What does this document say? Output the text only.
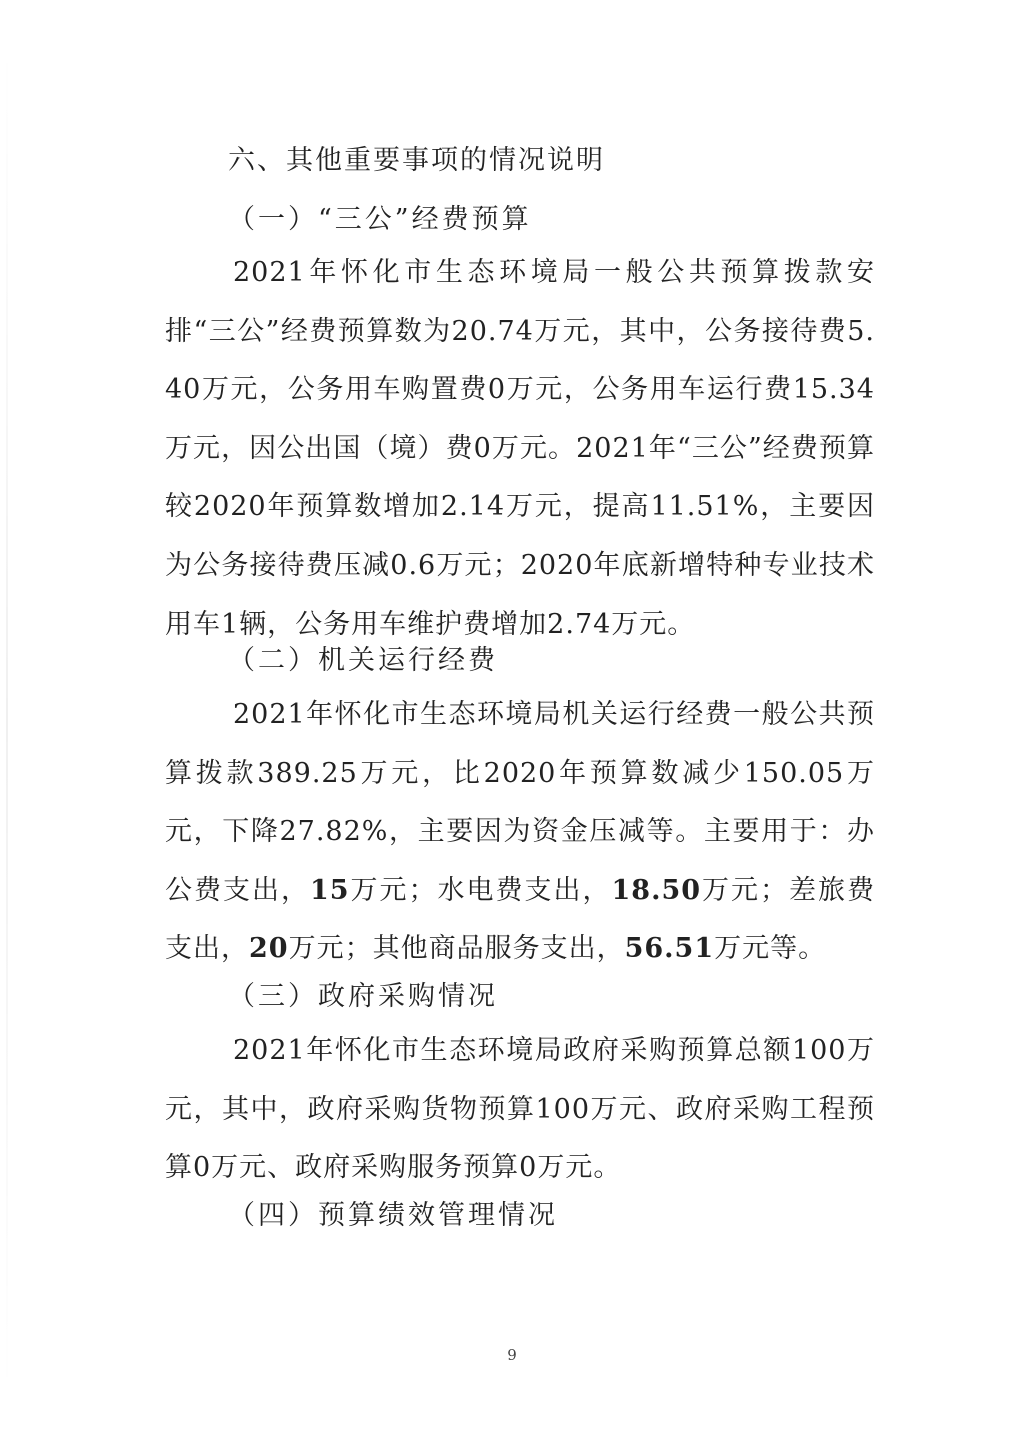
六、其他重要事项的情况说明
（一）“三公”经费预算
2021年怀化市生态环境局一般公共预算拨款安排“三公”经费预算数为20.74万元，其中，公务接待费5.40万元，公务用车购置费0万元，公务用车运行费15.34万元，因公出国（境）费0万元。2021年“三公”经费预算较2020年预算数增加2.14万元，提高11.51%，主要因为公务接待费压减0.6万元；2020年底新增特种专业技术用车1辆，公务用车维护费增加2.74万元。
（二）机关运行经费
2021年怀化市生态环境局机关运行经费一般公共预算拨款389.25万元，比2020年预算数减少150.05万元，下降27.82%，主要因为资金压减等。主要用于：办公费支出，15万元；水电费支出，18.50万元；差旅费支出，20万元；其他商品服务支出，56.51万元等。
（三）政府采购情况
2021年怀化市生态环境局政府采购预算总额100万元，其中，政府采购货物预算100万元、政府采购工程预算0万元、政府采购服务预算0万元。
（四）预算绩效管理情况
9
